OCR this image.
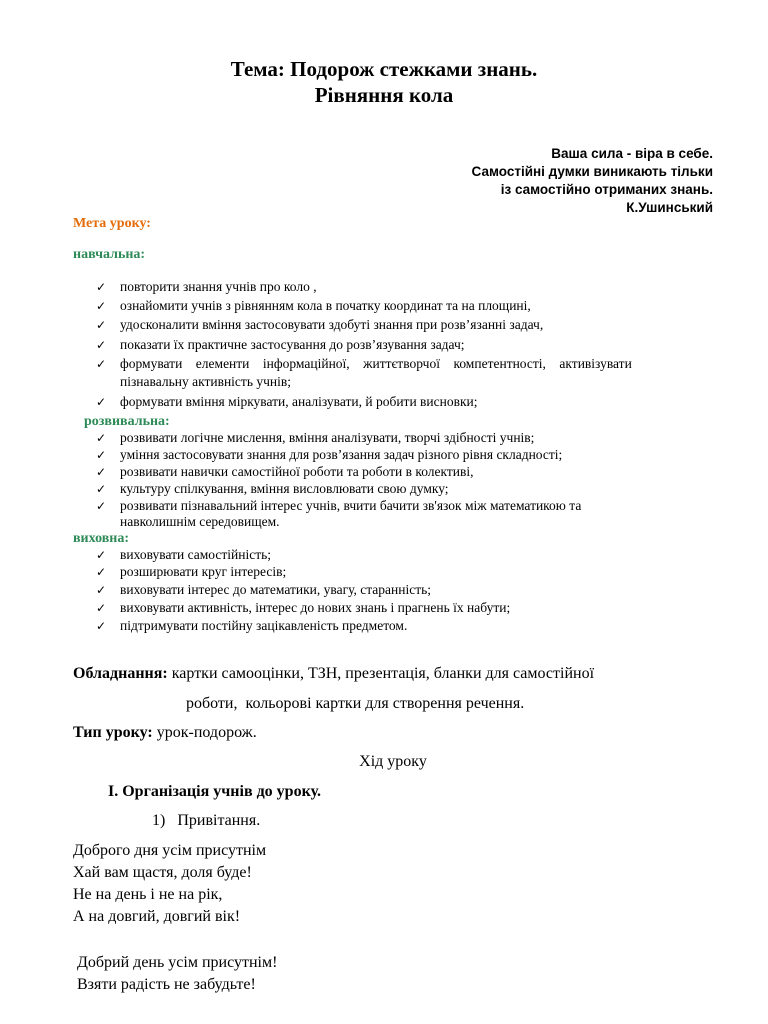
Тема: Подорож стежками знань.
Рівняння кола
Ваша сила - віра в себе.
Самостійні думки виникають тільки
із самостійно отриманих знань.
К.Ушинський
Мета уроку:
навчальна:
✓ повторити знання учнів про коло ,
✓ ознайомити учнів з рівнянням кола в початку координат та на площині,
✓ удосконалити вміння застосовувати здобуті знання при розв’язанні задач,
✓ показати їх практичне застосування до розв’язування задач;
✓ формувати    елементи    інформаційної,    життєтворчої    компетентності,    активізувати
пізнавальну активність учнів;
✓ формувати вміння міркувати, аналізувати, й робити висновки;
розвивальна:
✓ розвивати логічне мислення, вміння аналізувати, творчі здібності учнів;
✓ уміння застосовувати знання для розв’язання задач різного рівня складності;
✓ розвивати навички самостійної роботи та роботи в колективі,
✓ культуру спілкування, вміння висловлювати свою думку;
✓ розвивати пізнавальний інтерес учнів, вчити бачити зв'язок між математикою та
навколишнім середовищем.
виховна:
✓ виховувати самостійність;
✓ розширювати круг інтересів;
✓ виховувати інтерес до математики, увагу, старанність;
✓ виховувати активність, інтерес до нових знань і прагнень їх набути;
✓ підтримувати постійну зацікавленість предметом.
Обладнання: картки самооцінки, ТЗН, презентація, бланки для самостійної
роботи,  кольорові картки для створення речення.
Тип уроку: урок-подорож.
Хід уроку
І. Організація учнів до уроку.
1)   Привітання.
Доброго дня усім присутнім
Хай вам щастя, доля буде!
Не на день і не на рік,
А на довгий, довгий вік!
Добрий день усім присутнім!
Взяти радість не забудьте!
